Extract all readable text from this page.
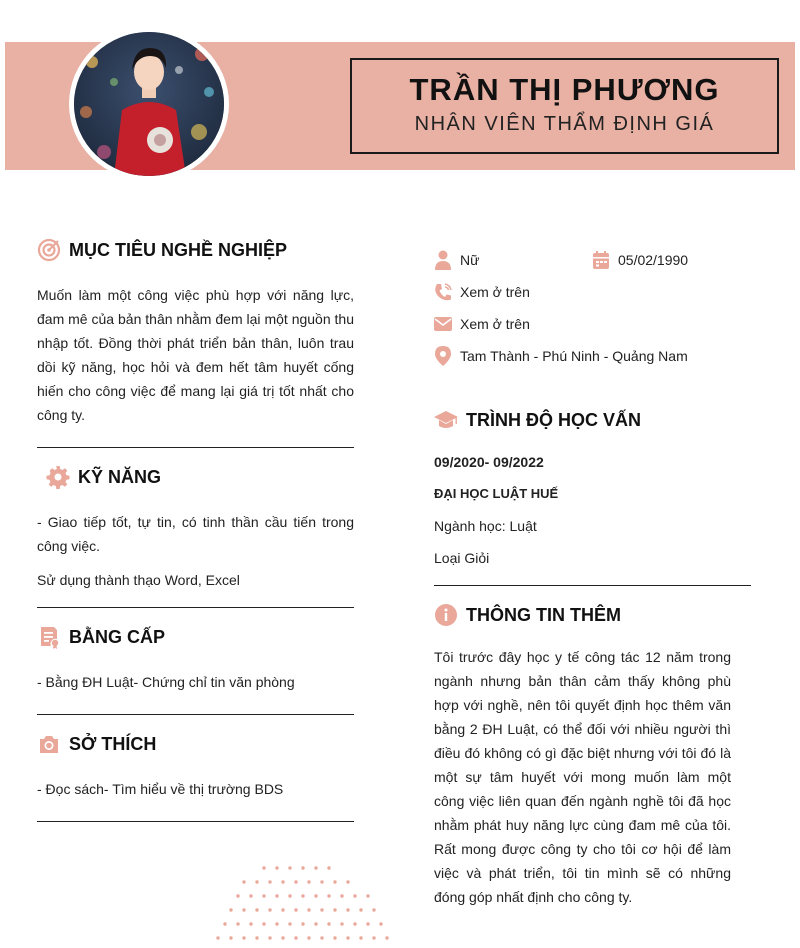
TRẦN THỊ PHƯƠNG
NHÂN VIÊN THẨM ĐỊNH GIÁ
MỤC TIÊU NGHỀ NGHIỆP
Muốn làm một công việc phù hợp với năng lực, đam mê của bản thân nhằm đem lại một nguồn thu nhập tốt. Đồng thời phát triển bản thân, luôn trau dồi kỹ năng, học hỏi và đem hết tâm huyết cống hiến cho công việc để mang lại giá trị tốt nhất cho công ty.
KỸ NĂNG
- Giao tiếp tốt, tự tin, có tinh thần cầu tiến trong công việc.
Sử dụng thành thạo Word, Excel
BẰNG CẤP
- Bằng ĐH Luật- Chứng chỉ tin văn phòng
SỞ THÍCH
- Đọc sách- Tìm hiểu về thị trường BDS
Nữ	05/02/1990
Xem ở trên
Xem ở trên
Tam Thành - Phú Ninh - Quảng Nam
TRÌNH ĐỘ HỌC VẤN
09/2020- 09/2022
ĐẠI HỌC LUẬT HUẾ
Ngành học: Luật
Loại Giỏi
THÔNG TIN THÊM
Tôi trước đây học y tế công tác 12 năm trong ngành nhưng bản thân cảm thấy không phù hợp với nghề, nên tôi quyết định học thêm văn bằng 2 ĐH Luật, có thể đối với nhiều người thì điều đó không có gì đặc biệt nhưng với tôi đó là một sự tâm huyết với mong muốn làm một công việc liên quan đến ngành nghề tôi đã học nhằm phát huy năng lực cùng đam mê của tôi. Rất mong được công ty cho tôi cơ hội để làm việc và phát triển, tôi tin mình sẽ có những đóng góp nhất định cho công ty.
